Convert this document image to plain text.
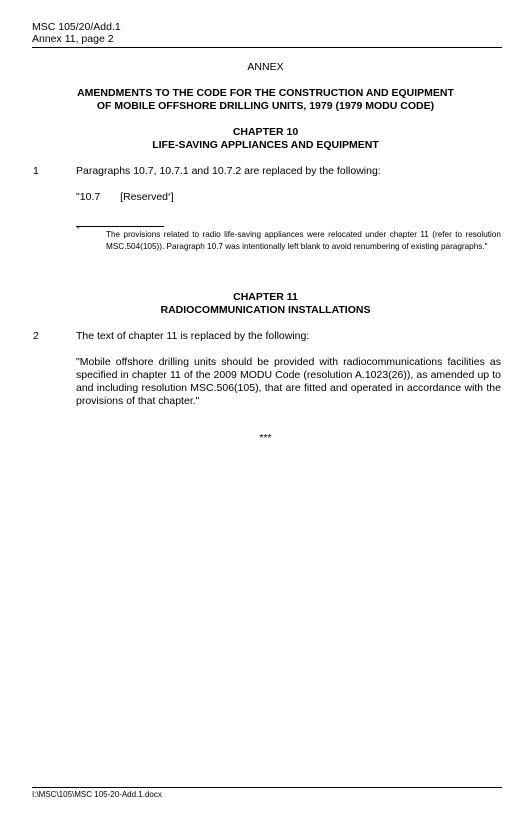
MSC 105/20/Add.1
Annex 11, page 2
ANNEX
AMENDMENTS TO THE CODE FOR THE CONSTRUCTION AND EQUIPMENT
OF MOBILE OFFSHORE DRILLING UNITS, 1979 (1979 MODU CODE)
CHAPTER 10
LIFE-SAVING APPLIANCES AND EQUIPMENT
1	Paragraphs 10.7, 10.7.1 and 10.7.2 are replaced by the following:
"10.7 [Reserved*]
*
The provisions related to radio life-saving appliances were relocated under chapter 11 (refer to resolution MSC.504(105)). Paragraph 10.7 was intentionally left blank to avoid renumbering of existing paragraphs."
CHAPTER 11
RADIOCOMMUNICATION INSTALLATIONS
2	The text of chapter 11 is replaced by the following:
"Mobile offshore drilling units should be provided with radiocommunications facilities as specified in chapter 11 of the 2009 MODU Code (resolution A.1023(26)), as amended up to and including resolution MSC.506(105), that are fitted and operated in accordance with the provisions of that chapter."
***
I:\MSC\105\MSC 105-20-Add.1.docx
